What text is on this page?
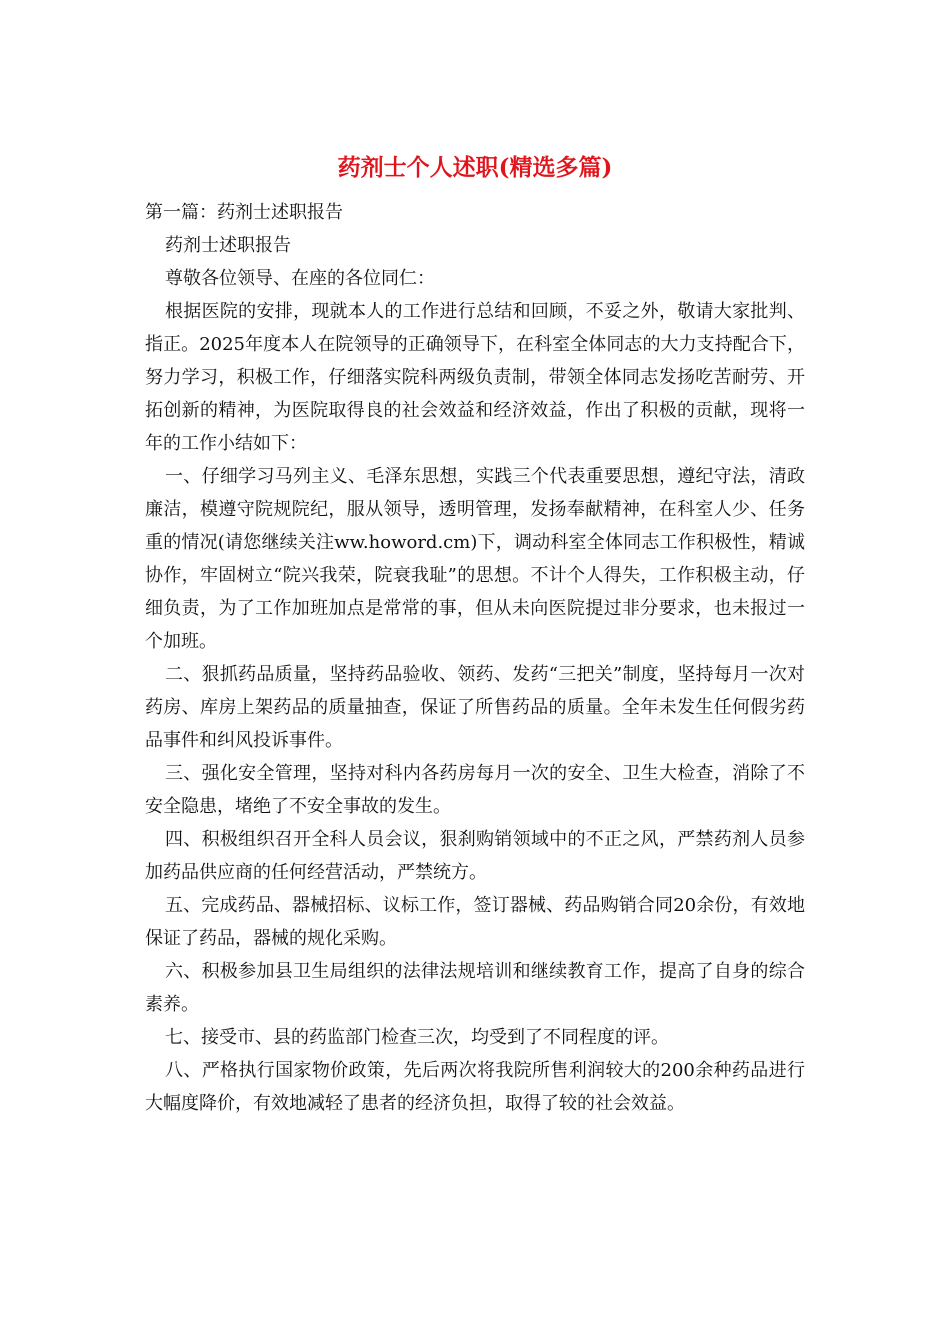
药剂士个人述职(精选多篇)

第一篇：药剂士述职报告

药剂士述职报告

尊敬各位领导、在座的各位同仁：

根据医院的安排，现就本人的工作进行总结和回顾，不妥之外，敬请大家批判、指正。2025年度本人在院领导的正确领导下，在科室全体同志的大力支持配合下，努力学习，积极工作，仔细落实院科两级负责制，带领全体同志发扬吃苦耐劳、开拓创新的精神，为医院取得良的社会效益和经济效益，作出了积极的贡献，现将一年的工作小结如下：

一、仔细学习马列主义、毛泽东思想，实践三个代表重要思想，遵纪守法，清政廉洁，模遵守院规院纪，服从领导，透明管理，发扬奉献精神，在科室人少、任务重的情况(请您继续关注ww.howord.cm)下，调动科室全体同志工作积极性，精诚协作，牢固树立“院兴我荣，院衰我耻”的思想。不计个人得失，工作积极主动，仔细负责，为了工作加班加点是常常的事，但从未向医院提过非分要求，也未报过一个加班。

二、狠抓药品质量，坚持药品验收、领药、发药“三把关”制度，坚持每月一次对药房、库房上架药品的质量抽查，保证了所售药品的质量。全年未发生任何假劣药品事件和纠风投诉事件。

三、强化安全管理，坚持对科内各药房每月一次的安全、卫生大检查，消除了不安全隐患，堵绝了不安全事故的发生。

四、积极组织召开全科人员会议，狠刹购销领域中的不正之风，严禁药剂人员参加药品供应商的任何经营活动，严禁统方。

五、完成药品、器械招标、议标工作，签订器械、药品购销合同20余份，有效地保证了药品，器械的规化采购。

六、积极参加县卫生局组织的法律法规培训和继续教育工作，提高了自身的综合素养。

七、接受市、县的药监部门检查三次，均受到了不同程度的评。

八、严格执行国家物价政策，先后两次将我院所售利润较大的200余种药品进行大幅度降价，有效地减轻了患者的经济负担，取得了较的社会效益。
